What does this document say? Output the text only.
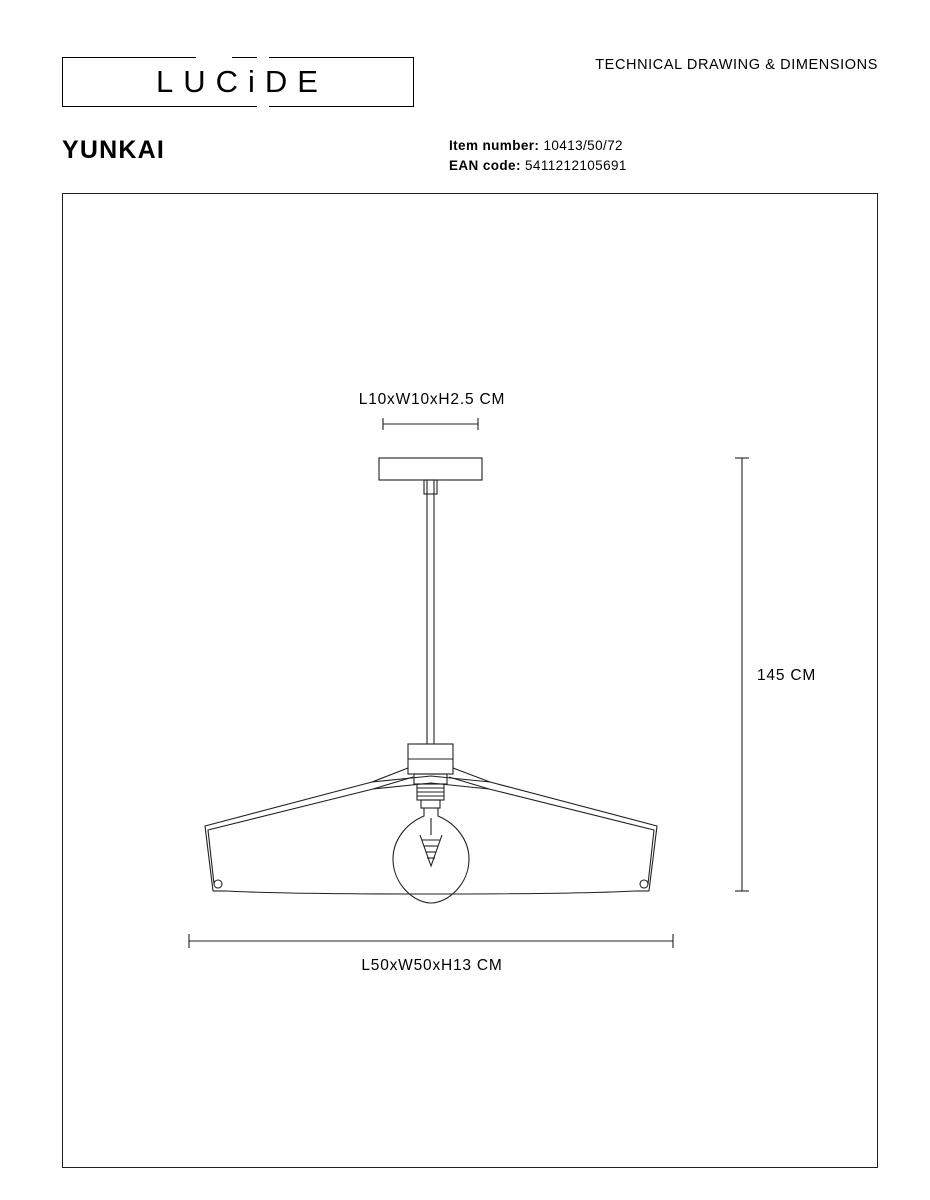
LUCiDE	TECHNICAL DRAWING & DIMENSIONS
YUNKAI	Item number: 10413/50/72
EAN code: 5411212105691
L10xW10xH2.5 CM
145 CM
L50xW50xH13 CM
